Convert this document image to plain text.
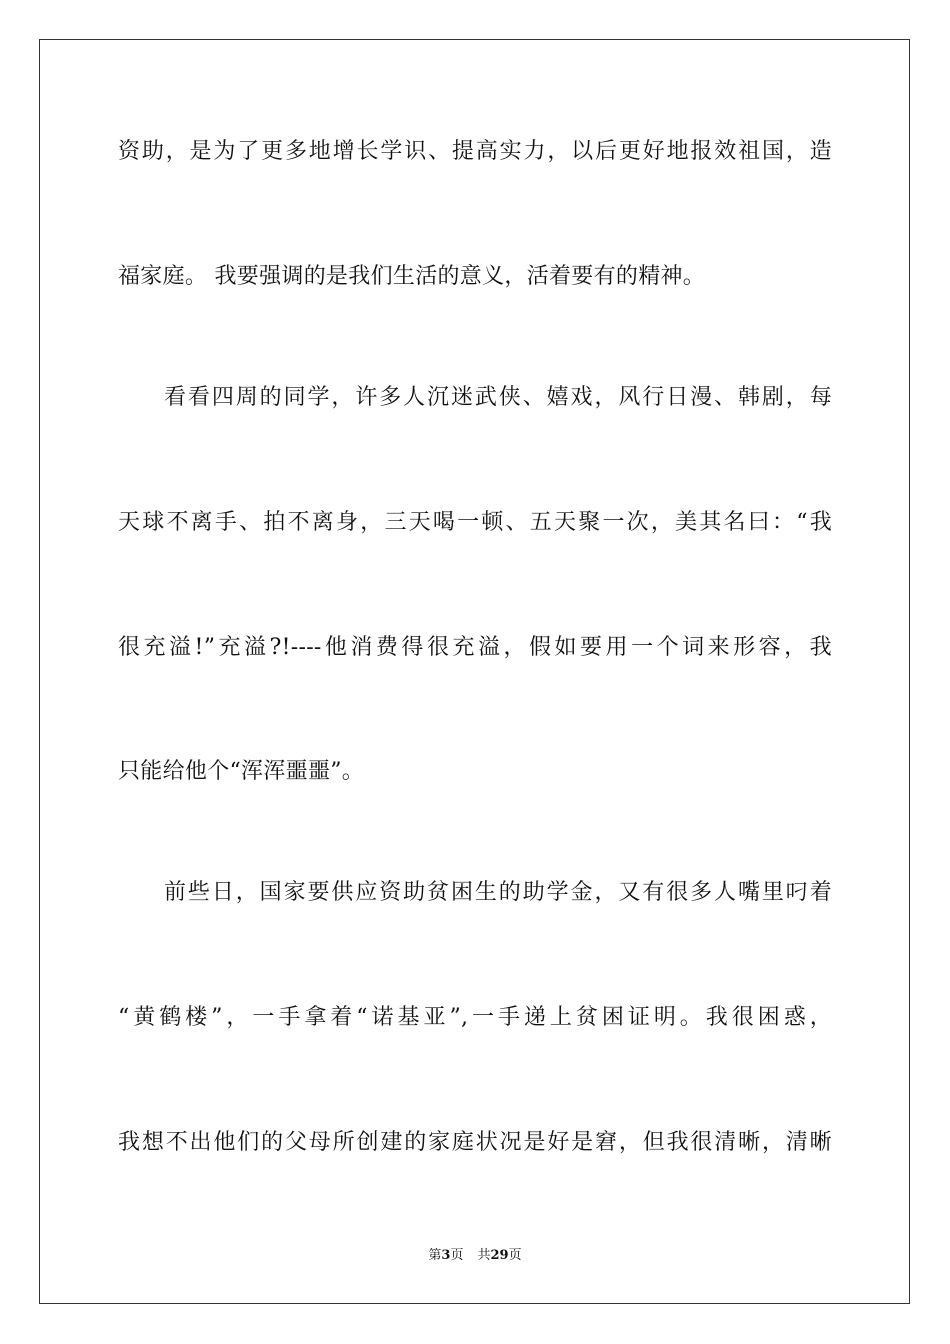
资助，是为了更多地增长学识、提高实力，以后更好地报效祖国，造
福家庭。 我要强调的是我们生活的意义，活着要有的精神。
看看四周的同学，许多人沉迷武侠、嬉戏，风行日漫、韩剧，每
天球不离手、拍不离身，三天喝一顿、五天聚一次，美其名曰：“我
很充溢!”充溢?!----他消费得很充溢，假如要用一个词来形容，我
只能给他个“浑浑噩噩”。
前些日，国家要供应资助贫困生的助学金，又有很多人嘴里叼着
“黄鹤楼”，一手拿着“诺基亚”,一手递上贫困证明。我很困惑，
我想不出他们的父母所创建的家庭状况是好是窘，但我很清晰，清晰
第3页 共29页
